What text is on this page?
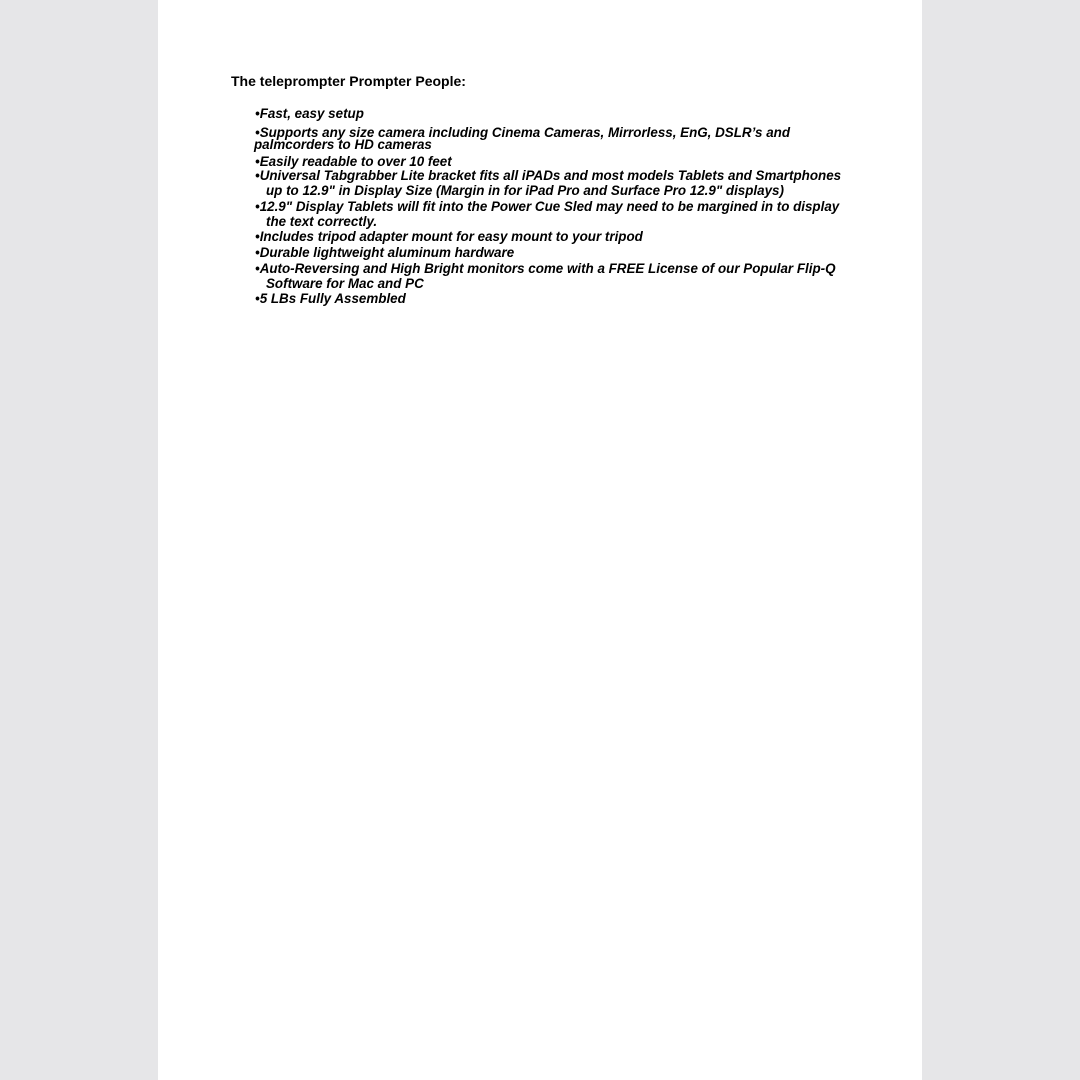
The teleprompter Prompter People:
•Fast, easy setup
•Supports any size camera including Cinema Cameras, Mirrorless, EnG, DSLR’s and
palmcorders to HD cameras
•Easily readable to over 10 feet
•Universal Tabgrabber Lite bracket fits all iPADs and most models Tablets and Smartphones
up to 12.9" in Display Size (Margin in for iPad Pro and Surface Pro 12.9" displays)
•12.9" Display Tablets will fit into the Power Cue Sled may need to be margined in to display
the text correctly.
•Includes tripod adapter mount for easy mount to your tripod
•Durable lightweight aluminum hardware
•Auto-Reversing and High Bright monitors come with a FREE License of our Popular Flip-Q
Software for Mac and PC
•5 LBs Fully Assembled
